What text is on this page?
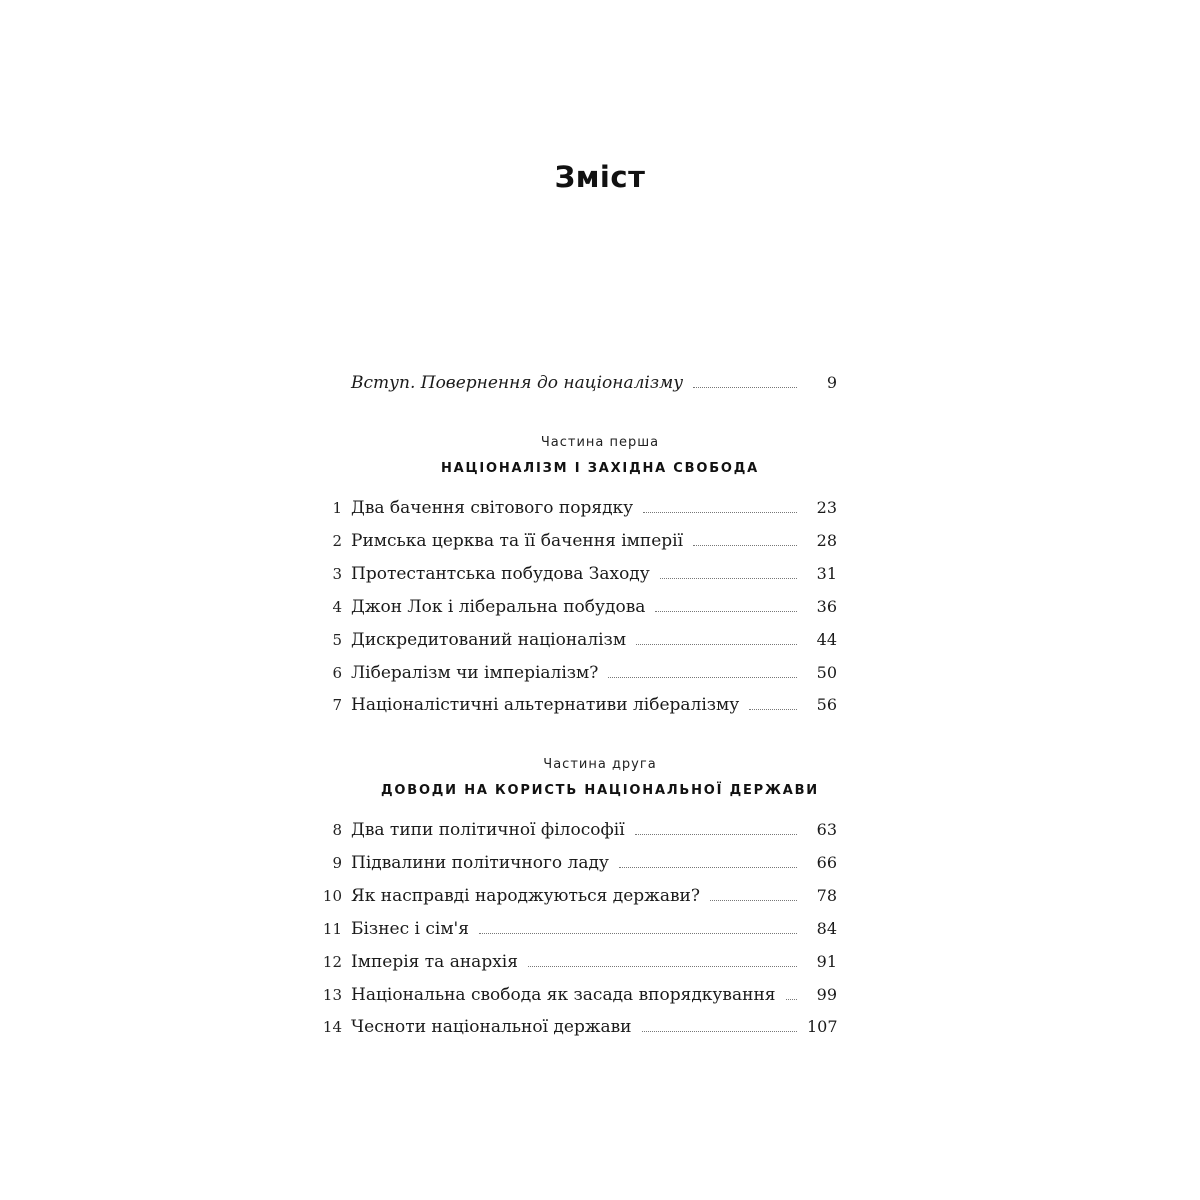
Зміст
Вступ. Повернення до націоналізму	9
1 Два бачення світового порядку	23
2 Римська церква та її бачення імперії	28
3 Протестантська побудова Заходу	31
4 Джон Лок і ліберальна побудова	36
5 Дискредитований націоналізм	44
6 Лібералізм чи імперіалізм?	50
7 Націоналістичні альтернативи лібералізму	56
8 Два типи політичної філософії	63
9 Підвалини політичного ладу	66
10 Як насправді народжуються держави?	78
11 Бізнес і сім'я	84
12 Імперія та анархія	91
13 Національна свобода як засада впорядкування	99
14 Чесноти національної держави	107
Частина перша
НАЦІОНАЛІЗМ І ЗАХІДНА СВОБОДА
Частина друга
ДОВОДИ НА КОРИСТЬ НАЦІОНАЛЬНОЇ ДЕРЖАВИ
